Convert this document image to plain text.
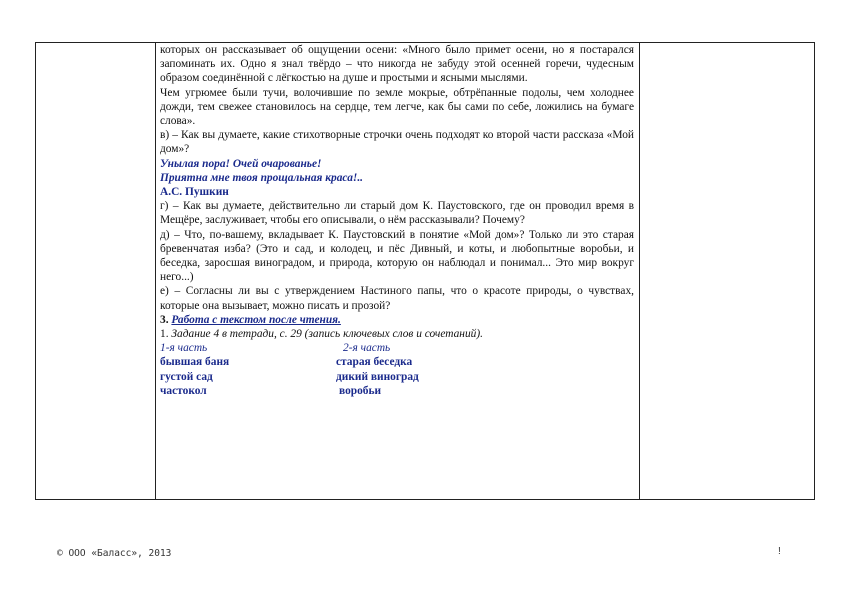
которых он рассказывает об ощущении осени: «Много было примет осени, но я постарался запоминать их. Одно я знал твёрдо – что никогда не забуду этой осенней горечи, чудесным образом соединённой с лёгкостью на душе и простыми и ясными мыслями.

Чем угрюмее были тучи, волочившие по земле мокрые, обтрёпанные подолы, чем холоднее дожди, тем свежее становилось на сердце, тем легче, как бы сами по себе, ложились на бумаге слова».

в) – Как вы думаете, какие стихотворные строчки очень подходят ко второй части рассказа «Мой дом»?

Унылая пора! Очей очарованье!

Приятна мне твоя прощальная краса!..

А.С. Пушкин

г) – Как вы думаете, действительно ли старый дом К. Паустовского, где он проводил время в Мещёре, заслуживает, чтобы его описывали, о нём рассказывали? Почему?

д) – Что, по-вашему, вкладывает К. Паустовский в понятие «Мой дом»? Только ли это старая бревенчатая изба? (Это и сад, и колодец, и пёс Дивный, и коты, и любопытные воробьи, и беседка, заросшая виноградом, и природа, которую он наблюдал и понимал... Это мир вокруг него...)

е) – Согласны ли вы с утверждением Настиного папы, что о красоте природы, о чувствах, которые она вызывает, можно писать и прозой?

3. Работа с текстом после чтения.

1. Задание 4 в тетради, с. 29 (запись ключевых слов и сочетаний).

1-я часть	2-я часть
бывшая баня	старая беседка
густой сад	дикий виноград
частокол	воробьи
© ООО «Баласс», 2013	!
